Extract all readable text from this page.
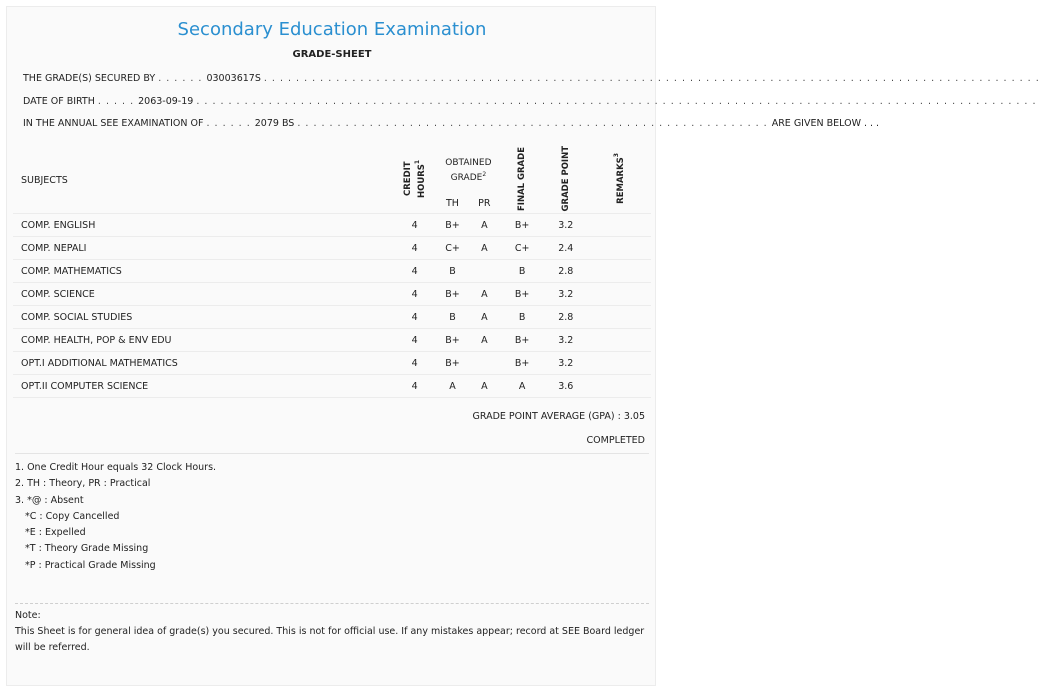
Secondary Education Examination
GRADE-SHEET
THE GRADE(S) SECURED BY . . . . . . 03003617S . . . . . . . . . . . . . . . . . . . . . . . . . . . . . . . . . . . . . . . . . . . . . . . . . . . . . . . . . . . . . . . . . . . . . . . . . . . . . . . . . . . . . . . . . . . . . . . . .
DATE OF BIRTH . . . . . 2063-09-19 . . . . . . . . . . . . . . . . . . . . . . . . . . . . . . . . . . . . . . . . . . . . . . . . . . . . . . . . . . . . . . . . . . . . . . . . . . . . . . . . . . . . . . . . . . . . . . . . . . . . . . . . .
IN THE ANNUAL SEE EXAMINATION OF . . . . . . 2079 BS . . . . . . . . . . . . . . . . . . . . . . . . . . . . . . . . . . . . . . . . . . . . . . . . . . . . . . . . . . . ARE GIVEN BELOW . . .
SUBJECTS	CREDIT HOURS$^1$	OBTAINED GRADE$^2$		FINAL GRADE	GRADE POINT	REMARKS$^3$
		TH	PR			
COMP. ENGLISH	4	B+	A	B+	3.2	
COMP. NEPALI	4	C+	A	C+	2.4	
COMP. MATHEMATICS	4	B		B	2.8	
COMP. SCIENCE	4	B+	A	B+	3.2	
COMP. SOCIAL STUDIES	4	B	A	B	2.8	
COMP. HEALTH, POP & ENV EDU	4	B+	A	B+	3.2	
OPT.I ADDITIONAL MATHEMATICS	4	B+		B+	3.2	
OPT.II COMPUTER SCIENCE	4	A	A	A	3.6	
GRADE POINT AVERAGE (GPA) : 3.05
COMPLETED
1. One Credit Hour equals 32 Clock Hours.
2. TH : Theory, PR : Practical
3. *@ : Absent
*C : Copy Cancelled
*E : Expelled
*T : Theory Grade Missing
*P : Practical Grade Missing
Note:
This Sheet is for general idea of grade(s) you secured. This is not for official use. If any mistakes appear; record at SEE Board ledger will be referred.
